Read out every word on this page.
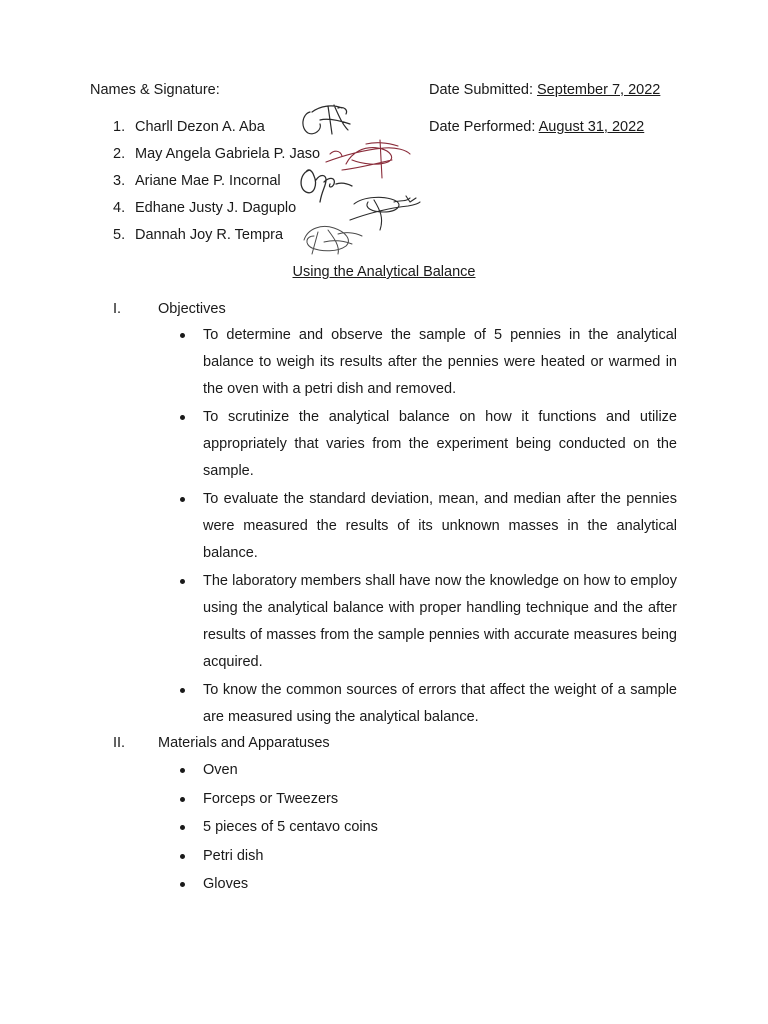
Names & Signature:	Date Submitted: September 7, 2022
Date Performed: August 31, 2022
1. Charll Dezon A. Aba
2. May Angela Gabriela P. Jaso
3. Ariane Mae P. Incornal
4. Edhane Justy J. Daguplo
5. Dannah Joy R. Tempra
Using the Analytical Balance
I.	Objectives
To determine and observe the sample of 5 pennies in the analytical balance to weigh its results after the pennies were heated or warmed in the oven with a petri dish and removed.
To scrutinize the analytical balance on how it functions and utilize appropriately that varies from the experiment being conducted on the sample.
To evaluate the standard deviation, mean, and median after the pennies were measured the results of its unknown masses in the analytical balance.
The laboratory members shall have now the knowledge on how to employ using the analytical balance with proper handling technique and the after results of masses from the sample pennies with accurate measures being acquired.
To know the common sources of errors that affect the weight of a sample are measured using the analytical balance.
II. Materials and Apparatuses
Oven
Forceps or Tweezers
5 pieces of 5 centavo coins
Petri dish
Gloves
